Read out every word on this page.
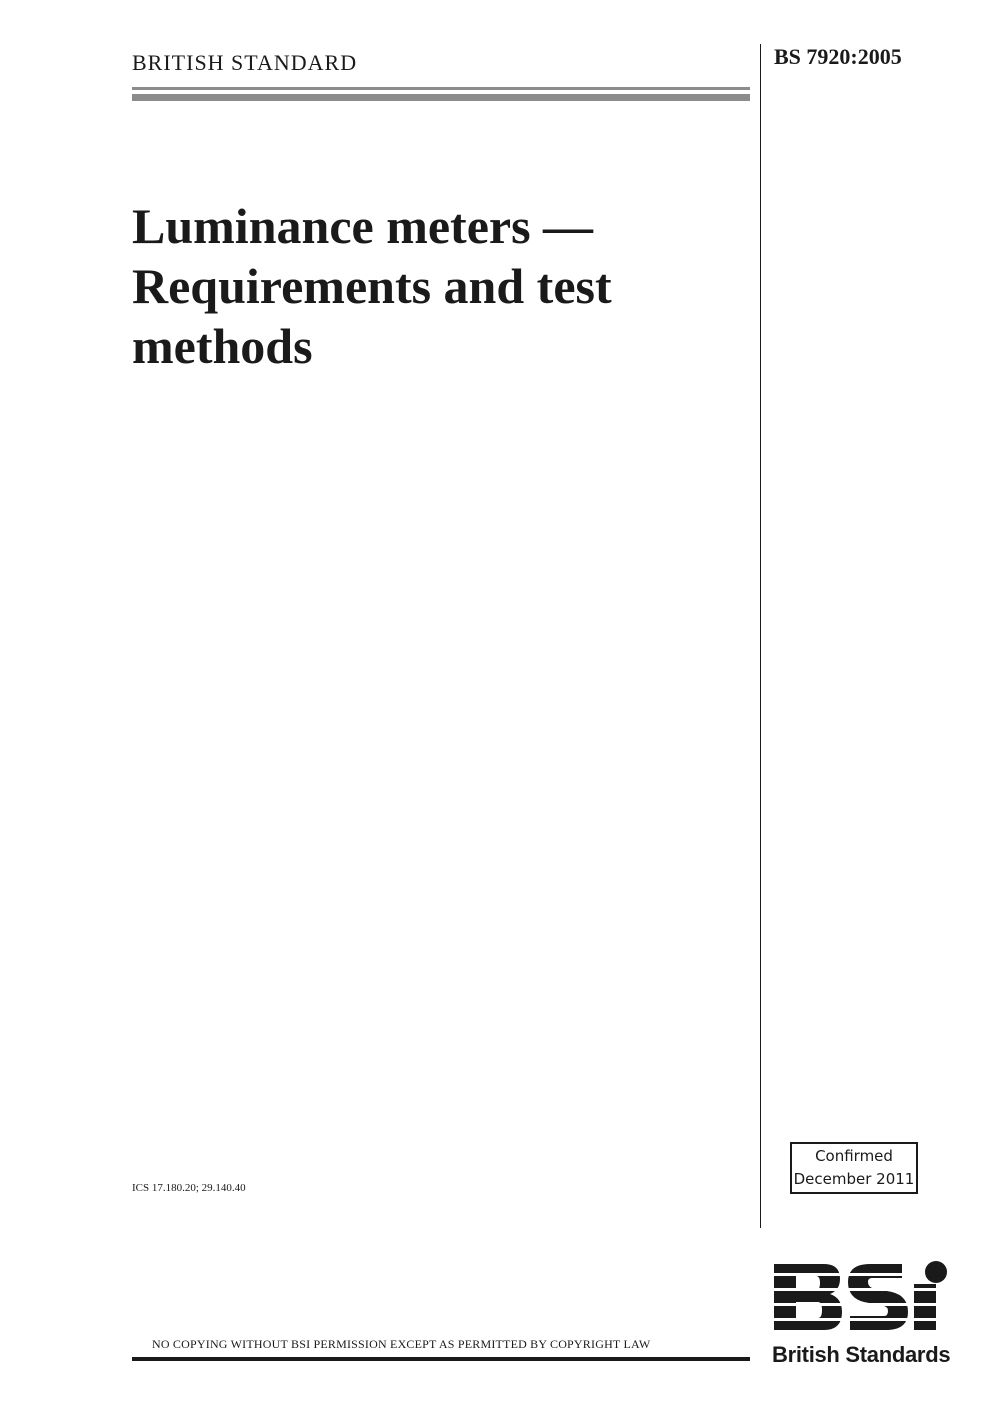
BRITISH STANDARD	BS 7920:2005
Luminance meters —
Requirements and test
methods
ICS 17.180.20; 29.140.40
Confirmed
December 2011
NO COPYING WITHOUT BSI PERMISSION EXCEPT AS PERMITTED BY COPYRIGHT LAW	British Standards
